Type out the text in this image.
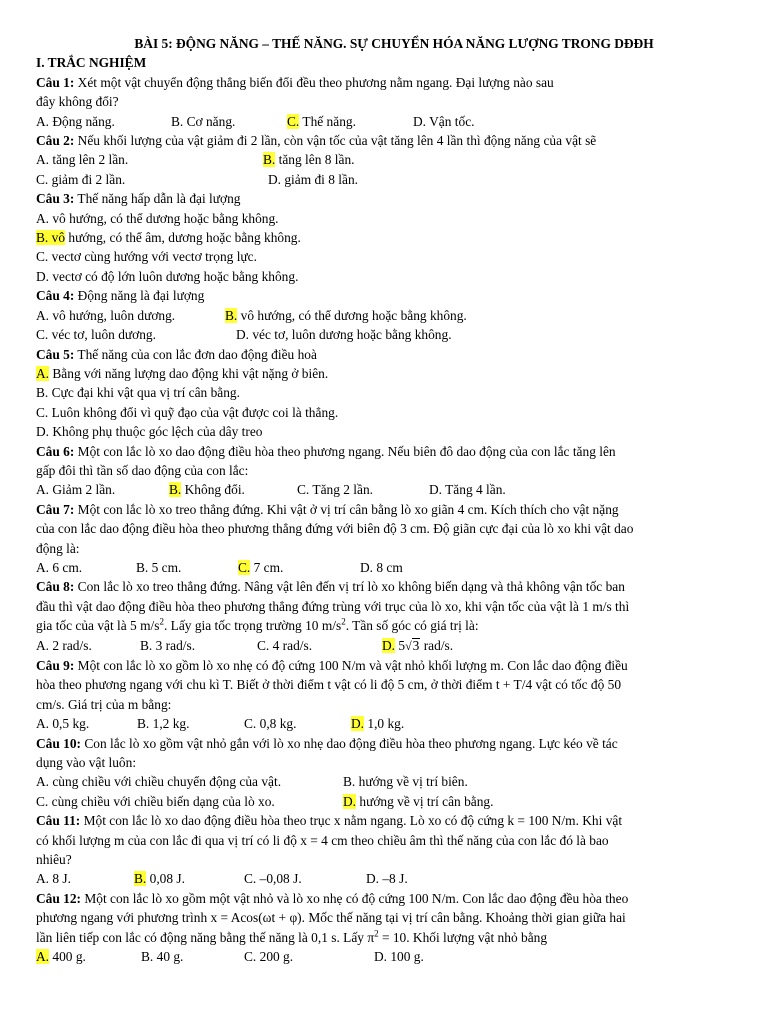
BÀI 5: ĐỘNG NĂNG – THẾ NĂNG. SỰ CHUYỂN HÓA NĂNG LƯỢNG TRONG DĐĐH

I. TRẮC NGHIỆM

Câu 1: Xét một vật chuyển động thẳng biến đổi đều theo phương nằm ngang. Đại lượng nào sau

đây không đổi?

A. Động năng.	B. Cơ năng.	C. Thế năng.	D. Vận tốc.

Câu 2: Nếu khối lượng của vật giảm đi 2 lần, còn vận tốc của vật tăng lên 4 lần thì động năng của vật sẽ

A. tăng lên 2 lần.	B. tăng lên 8 lần.
C. giảm đi 2 lần.	D. giảm đi 8 lần.

Câu 3: Thế năng hấp dẫn là đại lượng

A. vô hướng, có thể dương hoặc bằng không.

B. vô hướng, có thể âm, dương hoặc bằng không.

C. vectơ cùng hướng với vectơ trọng lực.

D. vectơ có độ lớn luôn dương hoặc bằng không.

Câu 4: Động năng là đại lượng

A. vô hướng, luôn dương.	B. vô hướng, có thể dương hoặc bằng không.
C. véc tơ, luôn dương.	D. véc tơ, luôn dương hoặc bằng không.

Câu 5: Thế năng của con lắc đơn dao động điều hoà

A. Bằng với năng lượng dao động khi vật nặng ở biên.

B. Cực đại khi vật qua vị trí cân bằng.

C. Luôn không đổi vì quỹ đạo của vật được coi là thẳng.

D. Không phụ thuộc góc lệch của dây treo

Câu 6: Một con lắc lò xo dao động điều hòa theo phương ngang. Nếu biên đô dao động của con lắc tăng lên

gấp đôi thì tần số dao động của con lắc:

A. Giảm 2 lần.	B. Không đổi.	C. Tăng 2 lần.	D. Tăng 4 lần.

Câu 7: Một con lắc lò xo treo thẳng đứng. Khi vật ở vị trí cân bằng lò xo giãn 4 cm. Kích thích cho vật nặng

của con lắc dao động điều hòa theo phương thẳng đứng với biên độ 3 cm. Độ giãn cực đại của lò xo khi vật dao

động là:

A. 6 cm.	B. 5 cm.	C. 7 cm.	D. 8 cm

Câu 8: Con lắc lò xo treo thẳng đứng. Nâng vật lên đến vị trí lò xo không biến dạng và thả không vận tốc ban

đầu thì vật dao động điều hòa theo phương thẳng đứng trùng với trục của lò xo, khi vận tốc của vật là 1 m/s thì

gia tốc của vật là 5 $m/s^2$. Lấy gia tốc trọng trường 10 $m/s^2$. Tần số góc có giá trị là:

A. 2 rad/s.	B. 3 rad/s.	C. 4 rad/s.	D. 5√3 rad/s.

Câu 9: Một con lắc lò xo gồm lò xo nhẹ có độ cứng 100 N/m và vật nhỏ khối lượng m. Con lắc dao động điều

hòa theo phương ngang với chu kì T. Biết ở thời điểm t vật có li độ 5 cm, ở thời điểm t + T/4 vật có tốc độ 50

cm/s. Giá trị của m bằng:

A. 0,5 kg.	B. 1,2 kg.	C. 0,8 kg.	D. 1,0 kg.

Câu 10: Con lắc lò xo gồm vật nhỏ gắn với lò xo nhẹ dao động điều hòa theo phương ngang. Lực kéo về tác

dụng vào vật luôn:

A. cùng chiều với chiều chuyển động của vật.	B. hướng về vị trí biên.
C. cùng chiều với chiều biến dạng của lò xo.	D. hướng về vị trí cân bằng.

Câu 11: Một con lắc lò xo dao động điều hòa theo trục x nằm ngang. Lò xo có độ cứng k = 100 N/m. Khi vật

có khối lượng m của con lắc đi qua vị trí có li độ x = 4 cm theo chiều âm thì thế năng của con lắc đó là bao

nhiêu?

A. 8 J.	B. 0,08 J.	C. –0,08 J.	D. –8 J.

Câu 12: Một con lắc lò xo gồm một vật nhỏ và lò xo nhẹ có độ cứng 100 N/m. Con lắc dao động đều hòa theo

phương ngang với phương trình x = Acos(ωt + φ). Mốc thế năng tại vị trí cân bằng. Khoảng thời gian giữa hai

lần liên tiếp con lắc có động năng bằng thế năng là 0,1 s. Lấy $\pi^2 = 10$. Khối lượng vật nhỏ bằng

A. 400 g.	B. 40 g.	C. 200 g.	D. 100 g.
